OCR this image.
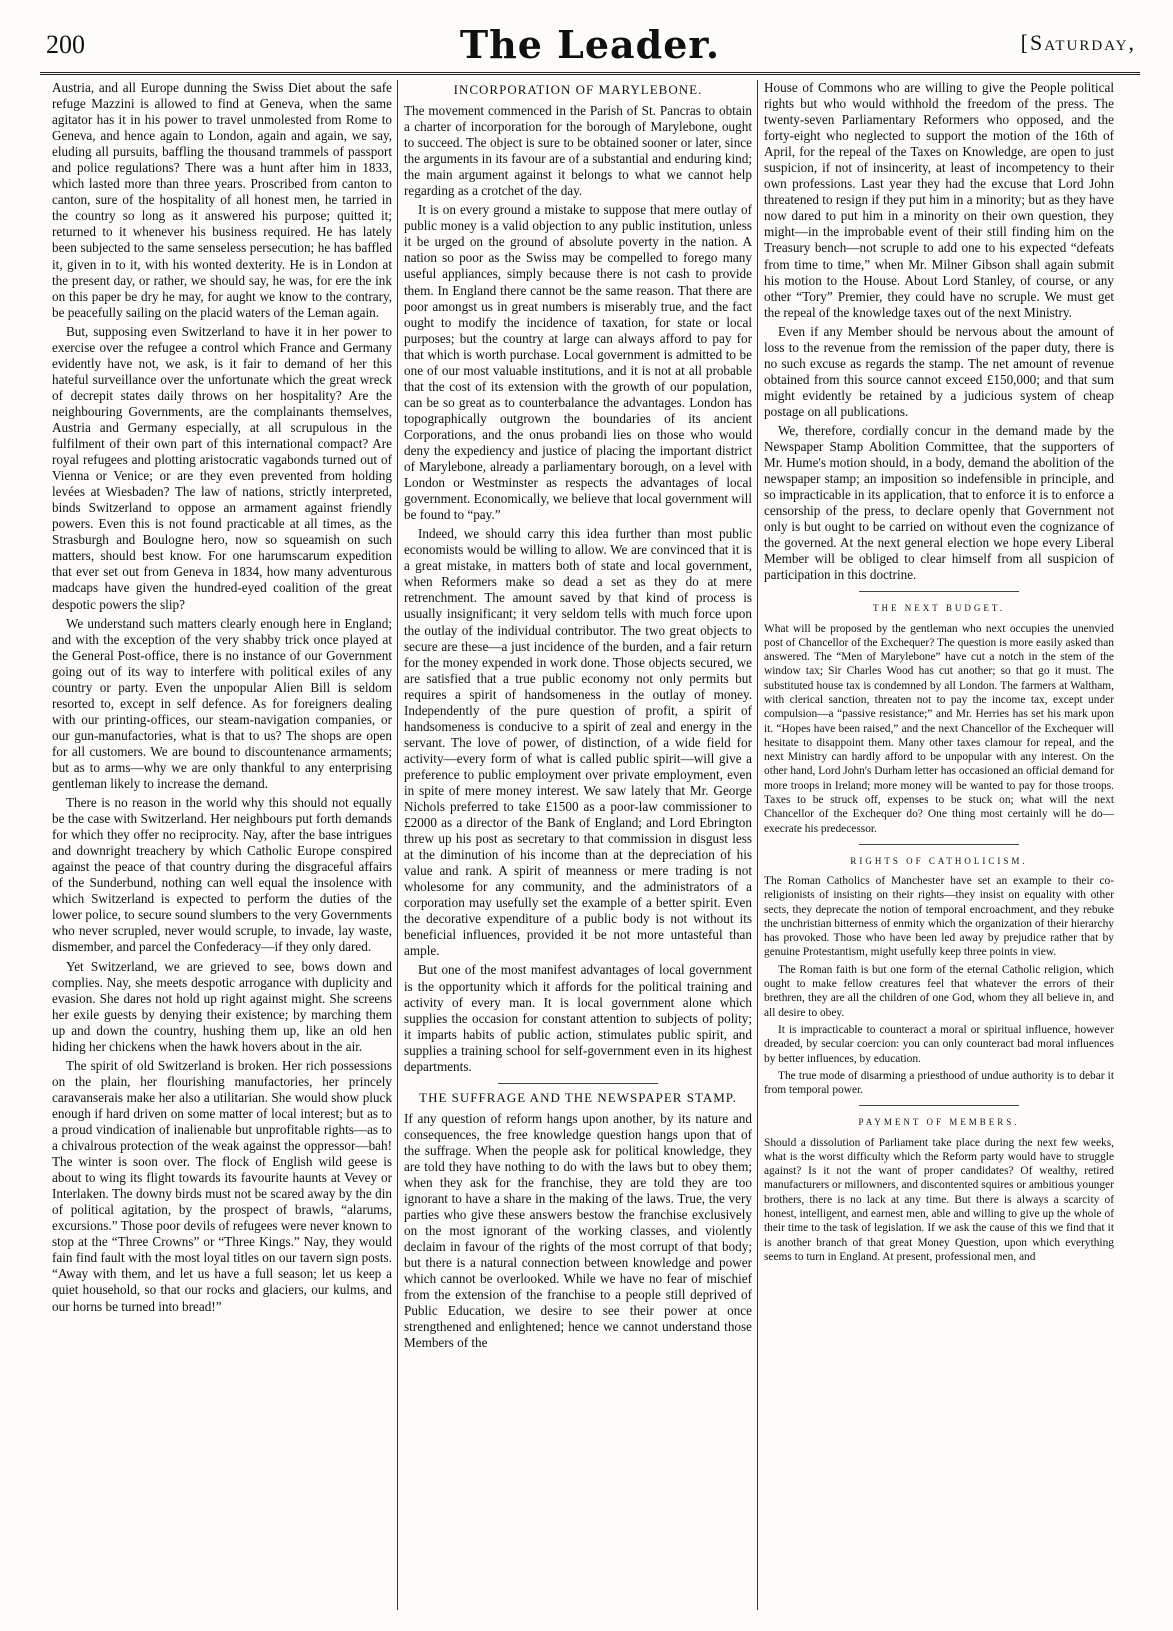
200	The Leader.	[Saturday,

Austria, and all Europe dunning the Swiss Diet about the safe refuge Mazzini is allowed to find at Geneva, when the same agitator has it in his power to travel unmolested from Rome to Geneva, and hence again to London, again and again, we say, eluding all pursuits, baffling the thousand trammels of passport and police regulations? There was a hunt after him in 1833, which lasted more than three years. Proscribed from canton to canton, sure of the hospitality of all honest men, he tarried in the country so long as it answered his purpose; quitted it; returned to it whenever his business required. He has lately been subjected to the same senseless persecution; he has baffled it, given in to it, with his wonted dexterity. He is in London at the present day, or rather, we should say, he was, for ere the ink on this paper be dry he may, for aught we know to the contrary, be peacefully sailing on the placid waters of the Leman again.

But, supposing even Switzerland to have it in her power to exercise over the refugee a control which France and Germany evidently have not, we ask, is it fair to demand of her this hateful surveillance over the unfortunate which the great wreck of decrepit states daily throws on her hospitality? Are the neighbouring Governments, are the complainants themselves, Austria and Germany especially, at all scrupulous in the fulfilment of their own part of this international compact? Are royal refugees and plotting aristocratic vagabonds turned out of Vienna or Venice; or are they even prevented from holding levées at Wiesbaden? The law of nations, strictly interpreted, binds Switzerland to oppose an armament against friendly powers. Even this is not found practicable at all times, as the Strasburgh and Boulogne hero, now so squeamish on such matters, should best know. For one harumscarum expedition that ever set out from Geneva in 1834, how many adventurous madcaps have given the hundred-eyed coalition of the great despotic powers the slip?

We understand such matters clearly enough here in England; and with the exception of the very shabby trick once played at the General Post-office, there is no instance of our Government going out of its way to interfere with political exiles of any country or party. Even the unpopular Alien Bill is seldom resorted to, except in self defence. As for foreigners dealing with our printing-offices, our steam-navigation companies, or our gun-manufactories, what is that to us? The shops are open for all customers. We are bound to discountenance armaments; but as to arms—why we are only thankful to any enterprising gentleman likely to increase the demand.

There is no reason in the world why this should not equally be the case with Switzerland. Her neighbours put forth demands for which they offer no reciprocity. Nay, after the base intrigues and downright treachery by which Catholic Europe conspired against the peace of that country during the disgraceful affairs of the Sunderbund, nothing can well equal the insolence with which Switzerland is expected to perform the duties of the lower police, to secure sound slumbers to the very Governments who never scrupled, never would scruple, to invade, lay waste, dismember, and parcel the Confederacy—if they only dared.

Yet Switzerland, we are grieved to see, bows down and complies. Nay, she meets despotic arrogance with duplicity and evasion. She dares not hold up right against might. She screens her exile guests by denying their existence; by marching them up and down the country, hushing them up, like an old hen hiding her chickens when the hawk hovers about in the air.

The spirit of old Switzerland is broken. Her rich possessions on the plain, her flourishing manufactories, her princely caravanserais make her also a utilitarian. She would show pluck enough if hard driven on some matter of local interest; but as to a proud vindication of inalienable but unprofitable rights—as to a chivalrous protection of the weak against the oppressor—bah! The winter is soon over. The flock of English wild geese is about to wing its flight towards its favourite haunts at Vevey or Interlaken. The downy birds must not be scared away by the din of political agitation, by the prospect of brawls, “alarums, excursions.” Those poor devils of refugees were never known to stop at the “Three Crowns” or “Three Kings.” Nay, they would fain find fault with the most loyal titles on our tavern sign posts. “Away with them, and let us have a full season; let us keep a quiet household, so that our rocks and glaciers, our kulms, and our horns be turned into bread!”

INCORPORATION OF MARYLEBONE.

The movement commenced in the Parish of St. Pancras to obtain a charter of incorporation for the borough of Marylebone, ought to succeed. The object is sure to be obtained sooner or later, since the arguments in its favour are of a substantial and enduring kind; the main argument against it belongs to what we cannot help regarding as a crotchet of the day.

It is on every ground a mistake to suppose that mere outlay of public money is a valid objection to any public institution, unless it be urged on the ground of absolute poverty in the nation. A nation so poor as the Swiss may be compelled to forego many useful appliances, simply because there is not cash to provide them. In England there cannot be the same reason. That there are poor amongst us in great numbers is miserably true, and the fact ought to modify the incidence of taxation, for state or local purposes; but the country at large can always afford to pay for that which is worth purchase. Local government is admitted to be one of our most valuable institutions, and it is not at all probable that the cost of its extension with the growth of our population, can be so great as to counterbalance the advantages. London has topographically outgrown the boundaries of its ancient Corporations, and the onus probandi lies on those who would deny the expediency and justice of placing the important district of Marylebone, already a parliamentary borough, on a level with London or Westminster as respects the advantages of local government. Economically, we believe that local government will be found to “pay.”

Indeed, we should carry this idea further than most public economists would be willing to allow. We are convinced that it is a great mistake, in matters both of state and local government, when Reformers make so dead a set as they do at mere retrenchment. The amount saved by that kind of process is usually insignificant; it very seldom tells with much force upon the outlay of the individual contributor. The two great objects to secure are these—a just incidence of the burden, and a fair return for the money expended in work done. Those objects secured, we are satisfied that a true public economy not only permits but requires a spirit of handsomeness in the outlay of money. Independently of the pure question of profit, a spirit of handsomeness is conducive to a spirit of zeal and energy in the servant. The love of power, of distinction, of a wide field for activity—every form of what is called public spirit—will give a preference to public employment over private employment, even in spite of mere money interest. We saw lately that Mr. George Nichols preferred to take £1500 as a poor-law commissioner to £2000 as a director of the Bank of England; and Lord Ebrington threw up his post as secretary to that commission in disgust less at the diminution of his income than at the depreciation of his value and rank. A spirit of meanness or mere trading is not wholesome for any community, and the administrators of a corporation may usefully set the example of a better spirit. Even the decorative expenditure of a public body is not without its beneficial influences, provided it be not more untasteful than ample.

But one of the most manifest advantages of local government is the opportunity which it affords for the political training and activity of every man. It is local government alone which supplies the occasion for constant attention to subjects of polity; it imparts habits of public action, stimulates public spirit, and supplies a training school for self-government even in its highest departments.

THE SUFFRAGE AND THE NEWSPAPER STAMP.

If any question of reform hangs upon another, by its nature and consequences, the free knowledge question hangs upon that of the suffrage. When the people ask for political knowledge, they are told they have nothing to do with the laws but to obey them; when they ask for the franchise, they are told they are too ignorant to have a share in the making of the laws. True, the very parties who give these answers bestow the franchise exclusively on the most ignorant of the working classes, and violently declaim in favour of the rights of the most corrupt of that body; but there is a natural connection between knowledge and power which cannot be overlooked. While we have no fear of mischief from the extension of the franchise to a people still deprived of Public Education, we desire to see their power at once strengthened and enlightened; hence we cannot understand those Members of the

House of Commons who are willing to give the People political rights but who would withhold the freedom of the press. The twenty-seven Parliamentary Reformers who opposed, and the forty-eight who neglected to support the motion of the 16th of April, for the repeal of the Taxes on Knowledge, are open to just suspicion, if not of insincerity, at least of incompetency to their own professions. Last year they had the excuse that Lord John threatened to resign if they put him in a minority; but as they have now dared to put him in a minority on their own question, they might—in the improbable event of their still finding him on the Treasury bench—not scruple to add one to his expected “defeats from time to time,” when Mr. Milner Gibson shall again submit his motion to the House. About Lord Stanley, of course, or any other “Tory” Premier, they could have no scruple. We must get the repeal of the knowledge taxes out of the next Ministry.

Even if any Member should be nervous about the amount of loss to the revenue from the remission of the paper duty, there is no such excuse as regards the stamp. The net amount of revenue obtained from this source cannot exceed £150,000; and that sum might evidently be retained by a judicious system of cheap postage on all publications.

We, therefore, cordially concur in the demand made by the Newspaper Stamp Abolition Committee, that the supporters of Mr. Hume's motion should, in a body, demand the abolition of the newspaper stamp; an imposition so indefensible in principle, and so impracticable in its application, that to enforce it is to enforce a censorship of the press, to declare openly that Government not only is but ought to be carried on without even the cognizance of the governed. At the next general election we hope every Liberal Member will be obliged to clear himself from all suspicion of participation in this doctrine.

THE NEXT BUDGET.

What will be proposed by the gentleman who next occupies the unenvied post of Chancellor of the Exchequer? The question is more easily asked than answered. The “Men of Marylebone” have cut a notch in the stem of the window tax; Sir Charles Wood has cut another; so that go it must. The substituted house tax is condemned by all London. The farmers at Waltham, with clerical sanction, threaten not to pay the income tax, except under compulsion—a “passive resistance;” and Mr. Herries has set his mark upon it. “Hopes have been raised,” and the next Chancellor of the Exchequer will hesitate to disappoint them. Many other taxes clamour for repeal, and the next Ministry can hardly afford to be unpopular with any interest. On the other hand, Lord John's Durham letter has occasioned an official demand for more troops in Ireland; more money will be wanted to pay for those troops. Taxes to be struck off, expenses to be stuck on; what will the next Chancellor of the Exchequer do? One thing most certainly will he do—execrate his predecessor.

RIGHTS OF CATHOLICISM.

The Roman Catholics of Manchester have set an example to their co-religionists of insisting on their rights—they insist on equality with other sects, they deprecate the notion of temporal encroachment, and they rebuke the unchristian bitterness of enmity which the organization of their hierarchy has provoked. Those who have been led away by prejudice rather that by genuine Protestantism, might usefully keep three points in view.

The Roman faith is but one form of the eternal Catholic religion, which ought to make fellow creatures feel that whatever the errors of their brethren, they are all the children of one God, whom they all believe in, and all desire to obey.

It is impracticable to counteract a moral or spiritual influence, however dreaded, by secular coercion: you can only counteract bad moral influences by better influences, by education.

The true mode of disarming a priesthood of undue authority is to debar it from temporal power.

PAYMENT OF MEMBERS.

Should a dissolution of Parliament take place during the next few weeks, what is the worst difficulty which the Reform party would have to struggle against? Is it not the want of proper candidates? Of wealthy, retired manufacturers or millowners, and discontented squires or ambitious younger brothers, there is no lack at any time. But there is always a scarcity of honest, intelligent, and earnest men, able and willing to give up the whole of their time to the task of legislation. If we ask the cause of this we find that it is another branch of that great Money Question, upon which everything seems to turn in England. At present, professional men, and
